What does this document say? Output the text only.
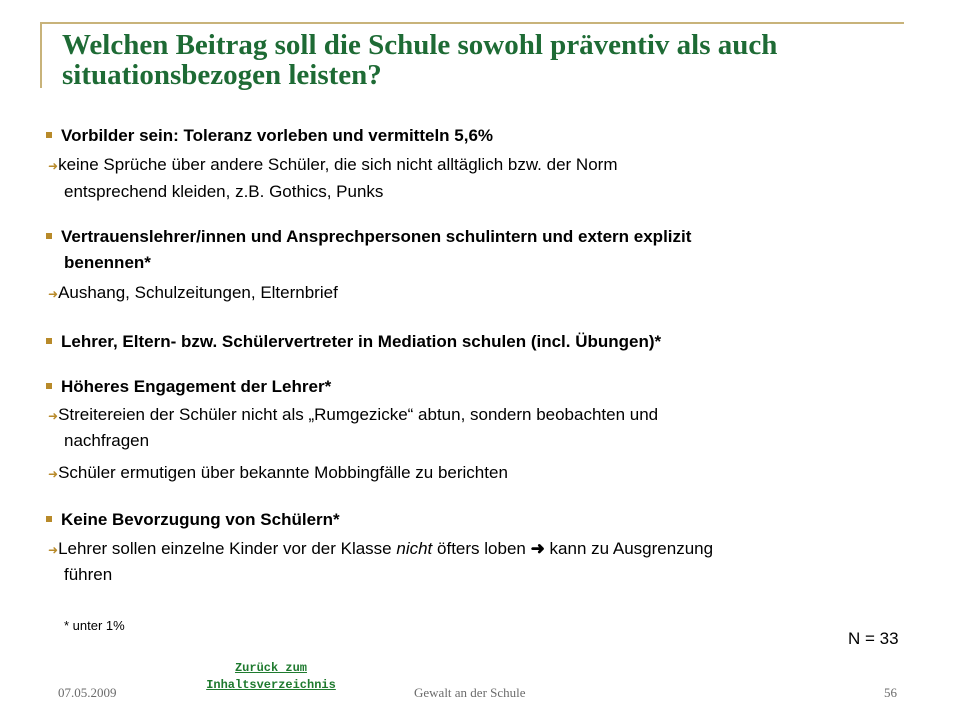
Welchen Beitrag soll die Schule sowohl präventiv als auch situationsbezogen leisten?
Vorbilder sein: Toleranz vorleben und vermitteln 5,6%
➜keine Sprüche über andere Schüler, die sich nicht alltäglich bzw. der Norm
entsprechend kleiden, z.B. Gothics, Punks
Vertrauenslehrer/innen und Ansprechpersonen schulintern und extern explizit
benennen*
➜Aushang, Schulzeitungen, Elternbrief
Lehrer, Eltern- bzw. Schülervertreter in Mediation schulen (incl. Übungen)*
Höheres Engagement der Lehrer*
➜Streitereien der Schüler nicht als „Rumgezicke“ abtun, sondern beobachten und
nachfragen
➜Schüler ermutigen über bekannte Mobbingfälle zu berichten
Keine Bevorzugung von Schülern*
➜Lehrer sollen einzelne Kinder vor der Klasse nicht öfters loben ➜ kann zu Ausgrenzung
führen
* unter 1%
N = 33
07.05.2009
Zurück zum
Inhaltsverzeichnis	Gewalt an der Schule	56
